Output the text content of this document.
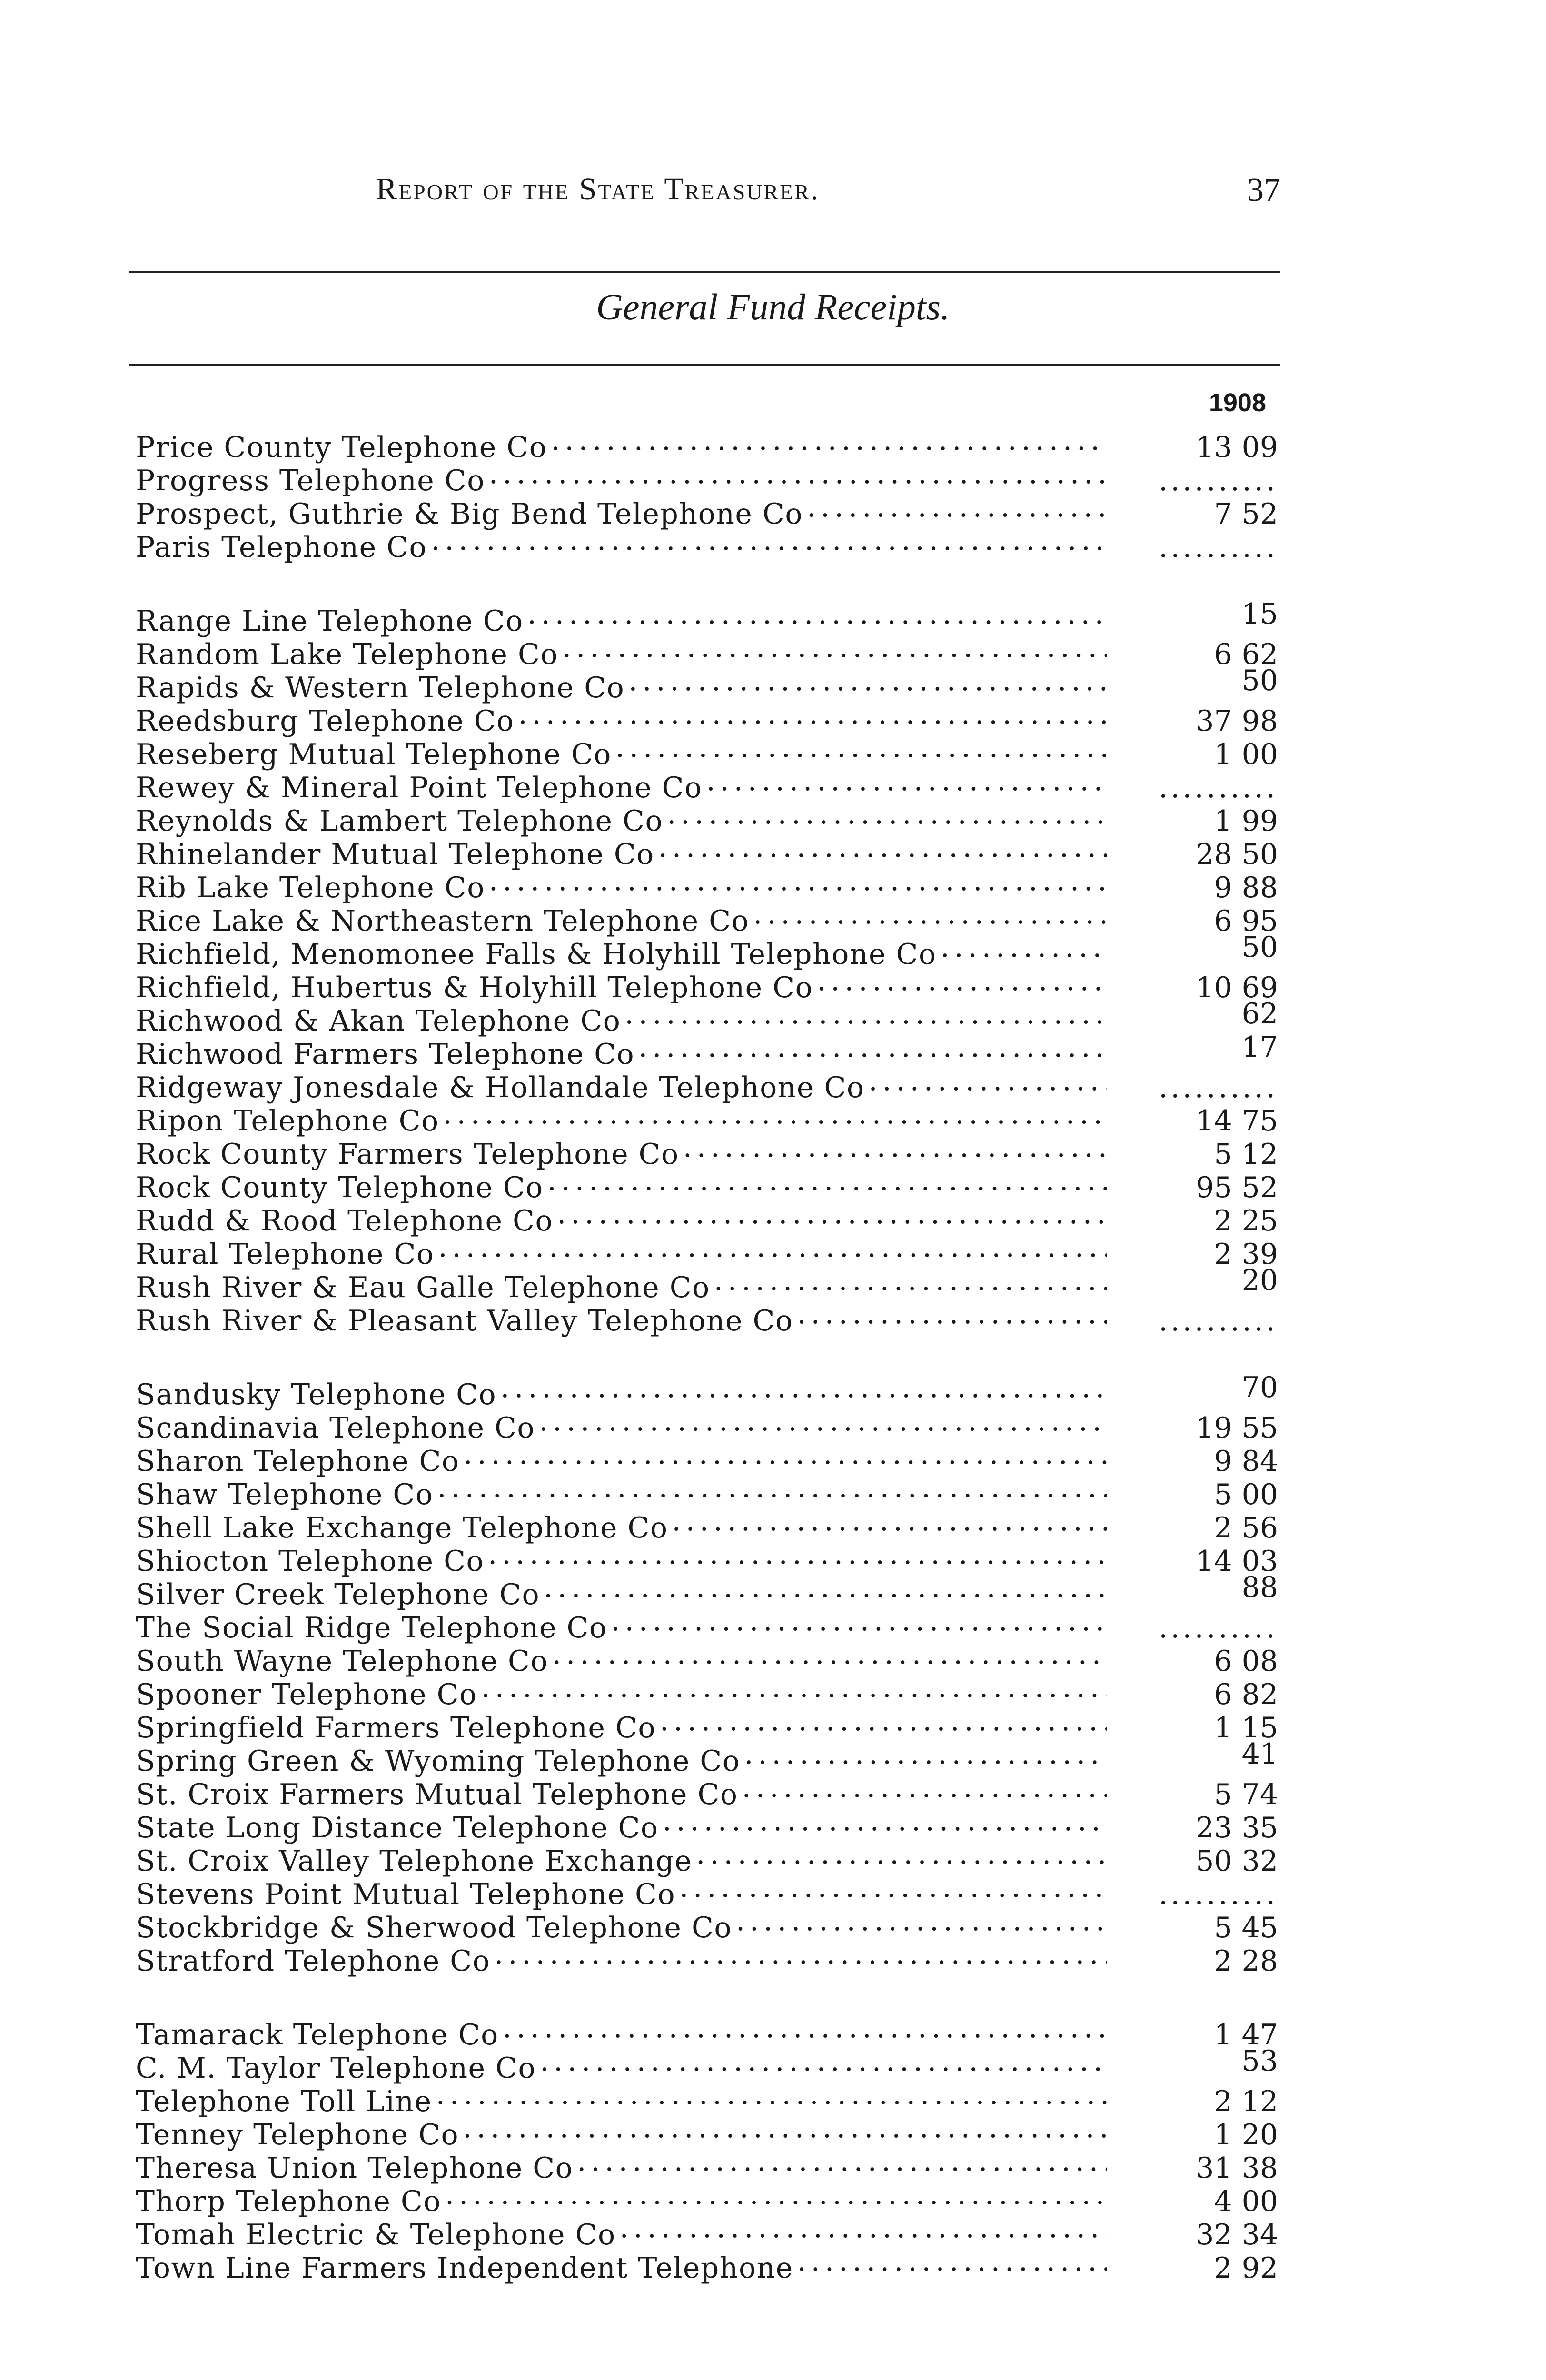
Report of the State Treasurer.	37
General Fund Receipts.
1908
Price County Telephone Co .....	13 09
Progress Telephone Co .....	..........
Prospect, Guthrie & Big Bend Telephone Co .....	7 52
Paris Telephone Co .....	..........
Range Line Telephone Co .....	15
Random Lake Telephone Co .....	6 62
Rapids & Western Telephone Co .....	50
Reedsburg Telephone Co .....	37 98
Reseberg Mutual Telephone Co .....	1 00
Rewey & Mineral Point Telephone Co .....	..........
Reynolds & Lambert Telephone Co .....	1 99
Rhinelander Mutual Telephone Co .....	28 50
Rib Lake Telephone Co .....	9 88
Rice Lake & Northeastern Telephone Co .....	6 95
Richfield, Menomonee Falls & Holyhill Telephone Co .....	50
Richfield, Hubertus & Holyhill Telephone Co .....	10 69
Richwood & Akan Telephone Co .....	62
Richwood Farmers Telephone Co .....	17
Ridgeway Jonesdale & Hollandale Telephone Co .....	..........
Ripon Telephone Co .....	14 75
Rock County Farmers Telephone Co .....	5 12
Rock County Telephone Co .....	95 52
Rudd & Rood Telephone Co .....	2 25
Rural Telephone Co .....	2 39
Rush River & Eau Galle Telephone Co .....	20
Rush River & Pleasant Valley Telephone Co .....	..........
Sandusky Telephone Co .....	70
Scandinavia Telephone Co .....	19 55
Sharon Telephone Co .....	9 84
Shaw Telephone Co .....	5 00
Shell Lake Exchange Telephone Co .....	2 56
Shiocton Telephone Co .....	14 03
Silver Creek Telephone Co .....	88
The Social Ridge Telephone Co .....	..........
South Wayne Telephone Co .....	6 08
Spooner Telephone Co .....	6 82
Springfield Farmers Telephone Co .....	1 15
Spring Green & Wyoming Telephone Co .....	41
St. Croix Farmers Mutual Telephone Co .....	5 74
State Long Distance Telephone Co .....	23 35
St. Croix Valley Telephone Exchange .....	50 32
Stevens Point Mutual Telephone Co .....	..........
Stockbridge & Sherwood Telephone Co .....	5 45
Stratford Telephone Co .....	2 28
Tamarack Telephone Co .....	1 47
C. M. Taylor Telephone Co .....	53
Telephone Toll Line .....	2 12
Tenney Telephone Co .....	1 20
Theresa Union Telephone Co .....	31 38
Thorp Telephone Co .....	4 00
Tomah Electric & Telephone Co .....	32 34
Town Line Farmers Independent Telephone .....	2 92
